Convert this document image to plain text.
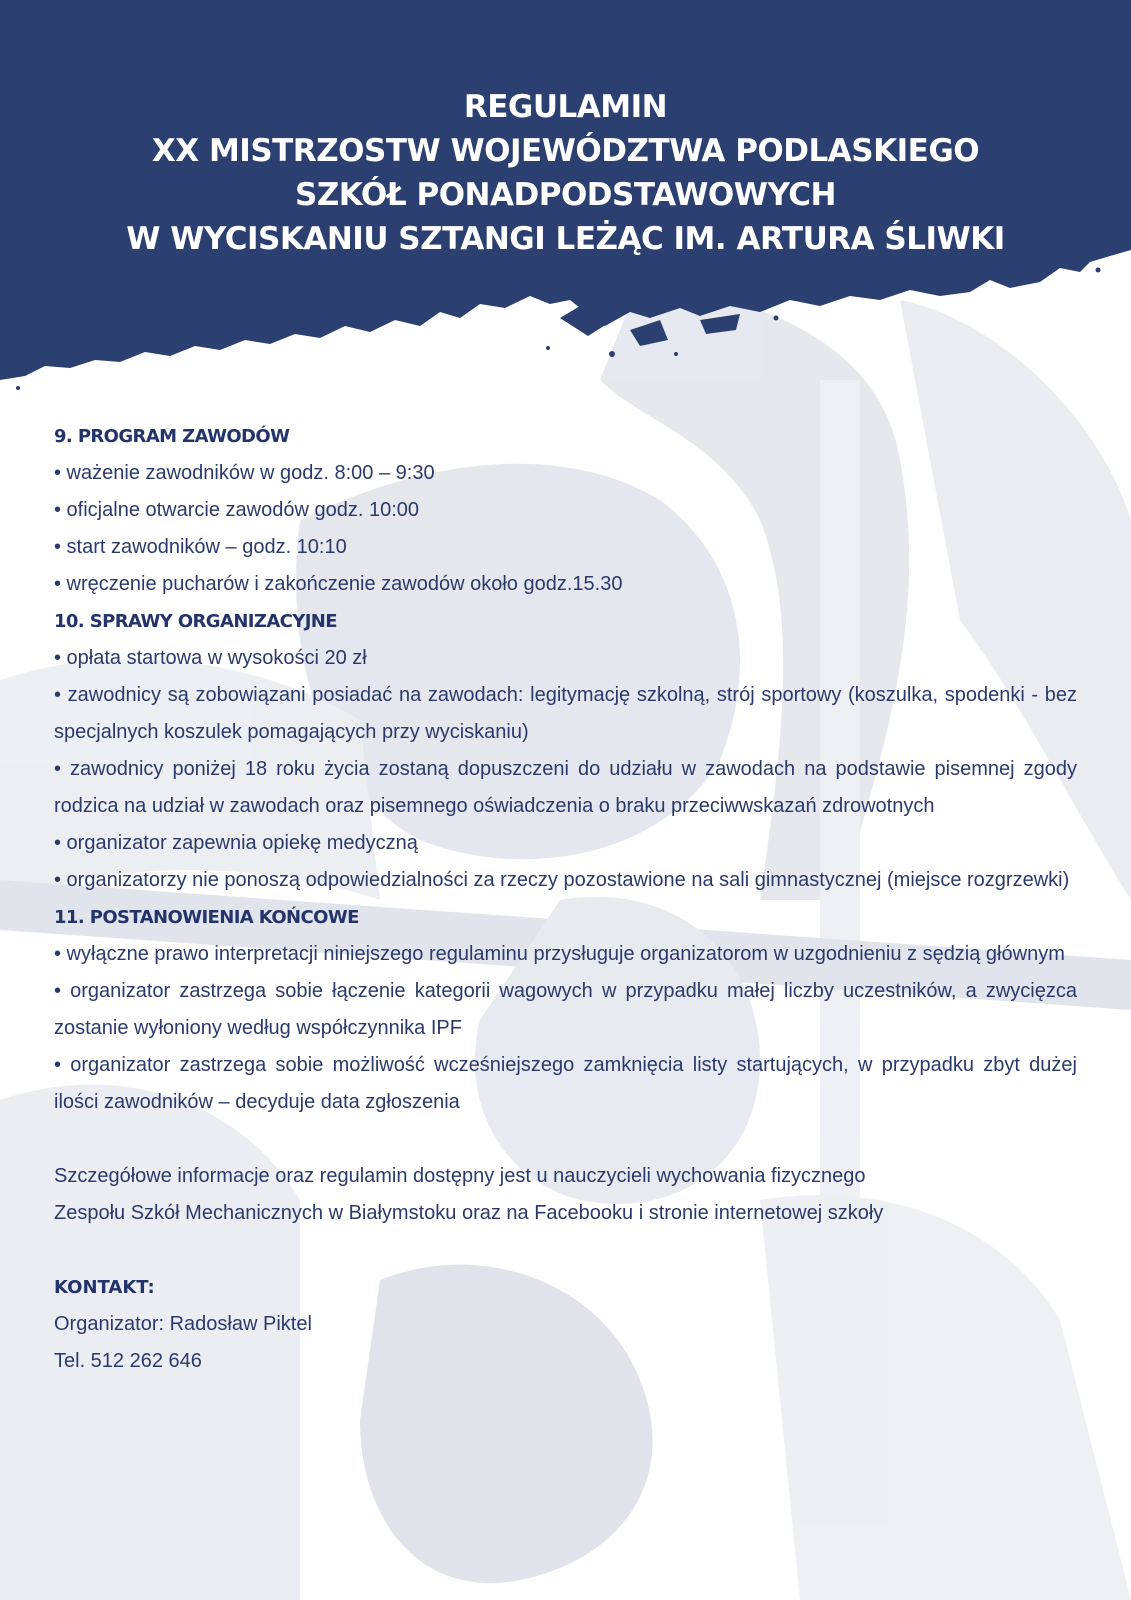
REGULAMIN
XX MISTRZOSTW WOJEWÓDZTWA PODLASKIEGO
SZKÓŁ PONADPODSTAWOWYCH
W WYCISKANIU SZTANGI LEŻĄC IM. ARTURA ŚLIWKI
9. PROGRAM ZAWODÓW
• ważenie zawodników w godz. 8:00 – 9:30
• oficjalne otwarcie zawodów godz. 10:00
• start zawodników – godz. 10:10
• wręczenie pucharów i zakończenie zawodów około godz.15.30
10. SPRAWY ORGANIZACYJNE
• opłata startowa w wysokości 20 zł
• zawodnicy są zobowiązani posiadać na zawodach: legitymację szkolną, strój sportowy (koszulka, spodenki - bez specjalnych koszulek pomagających przy wyciskaniu)
• zawodnicy poniżej 18 roku życia zostaną dopuszczeni do udziału w zawodach na podstawie pisemnej zgody rodzica na udział w zawodach oraz pisemnego oświadczenia o braku przeciwwskazań zdrowotnych
• organizator zapewnia opiekę medyczną
• organizatorzy nie ponoszą odpowiedzialności za rzeczy pozostawione na sali gimnastycznej (miejsce rozgrzewki)
11. POSTANOWIENIA KOŃCOWE
• wyłączne prawo interpretacji niniejszego regulaminu przysługuje organizatorom w uzgodnieniu z sędzią głównym
• organizator zastrzega sobie łączenie kategorii wagowych w przypadku małej liczby uczestników, a zwycięzca zostanie wyłoniony według współczynnika IPF
• organizator zastrzega sobie możliwość wcześniejszego zamknięcia listy startujących, w przypadku zbyt dużej ilości zawodników – decyduje data zgłoszenia
Szczegółowe informacje oraz regulamin dostępny jest u nauczycieli wychowania fizycznego
Zespołu Szkół Mechanicznych w Białymstoku oraz na Facebooku i stronie internetowej szkoły
KONTAKT:
Organizator: Radosław Piktel
Tel. 512 262 646
